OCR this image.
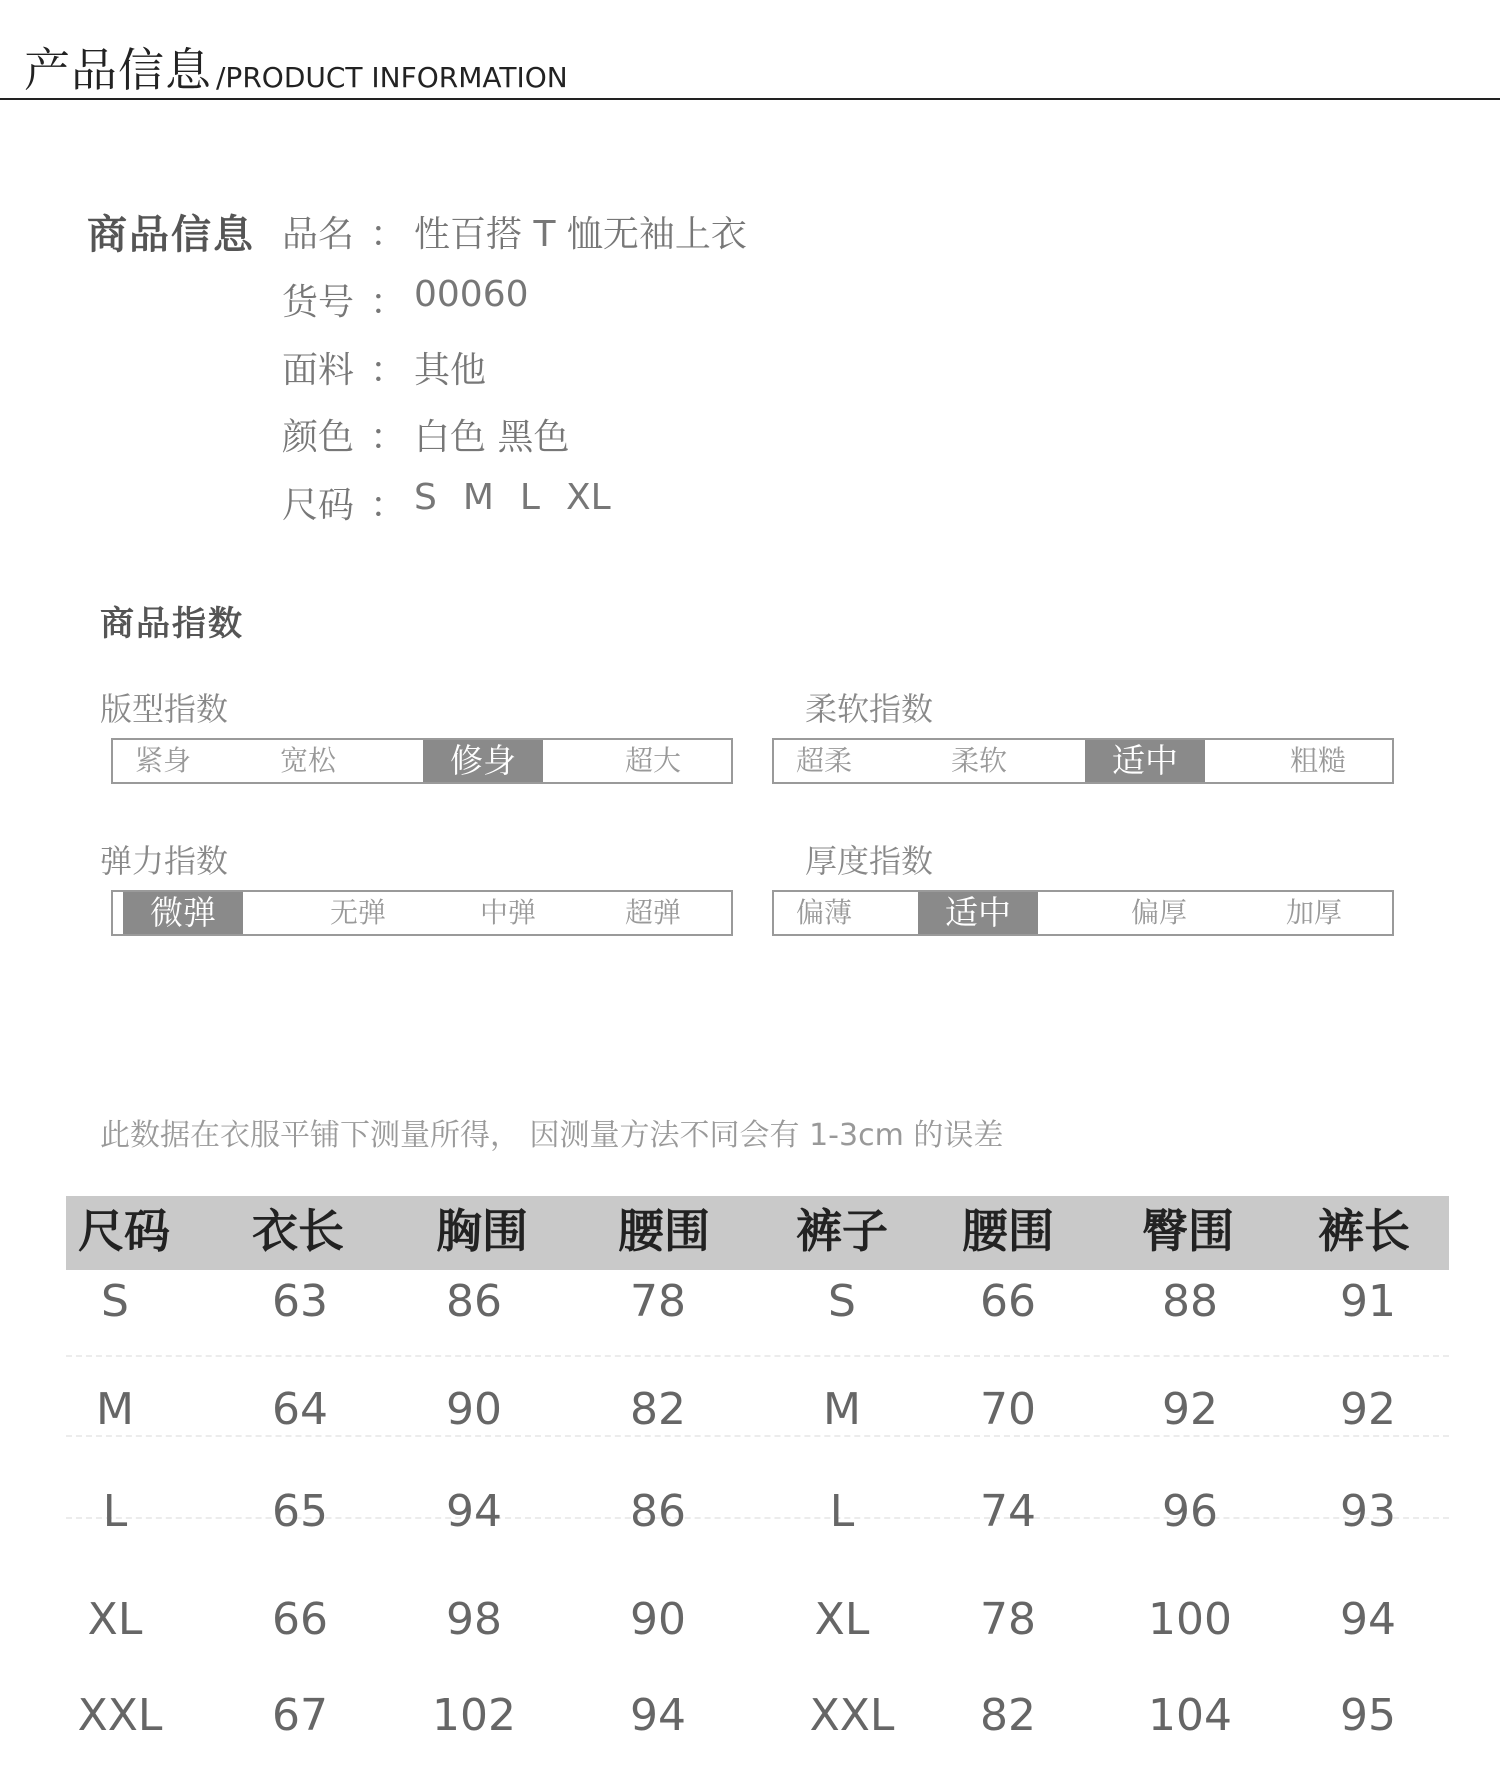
产品信息 /PRODUCT INFORMATION
商品信息 品名 ： 性百搭 T 恤无袖上衣
货号 ： 00060
面料 ： 其他
颜色 ： 白色 黑色
尺码 ： S M L XL
商品指数
版型指数
紧身	宽松	修身	超大
柔软指数
超柔	柔软	适中	粗糙
弹力指数
微弹	无弹	中弹	超弹
厚度指数
偏薄	适中	偏厚	加厚
此数据在衣服平铺下测量所得， 因测量方法不同会有 1-3cm 的误差
尺码 衣长 胸围 腰围 裤子 腰围 臀围 裤长
S	63	86	78	S	66	88	91
M	64	90	82	M	70	92	92
L	65	94	86	L	74	96	93
XL	66	98	90	XL	78	100 94
XXL 67 102	94	XXL 82	104 95
